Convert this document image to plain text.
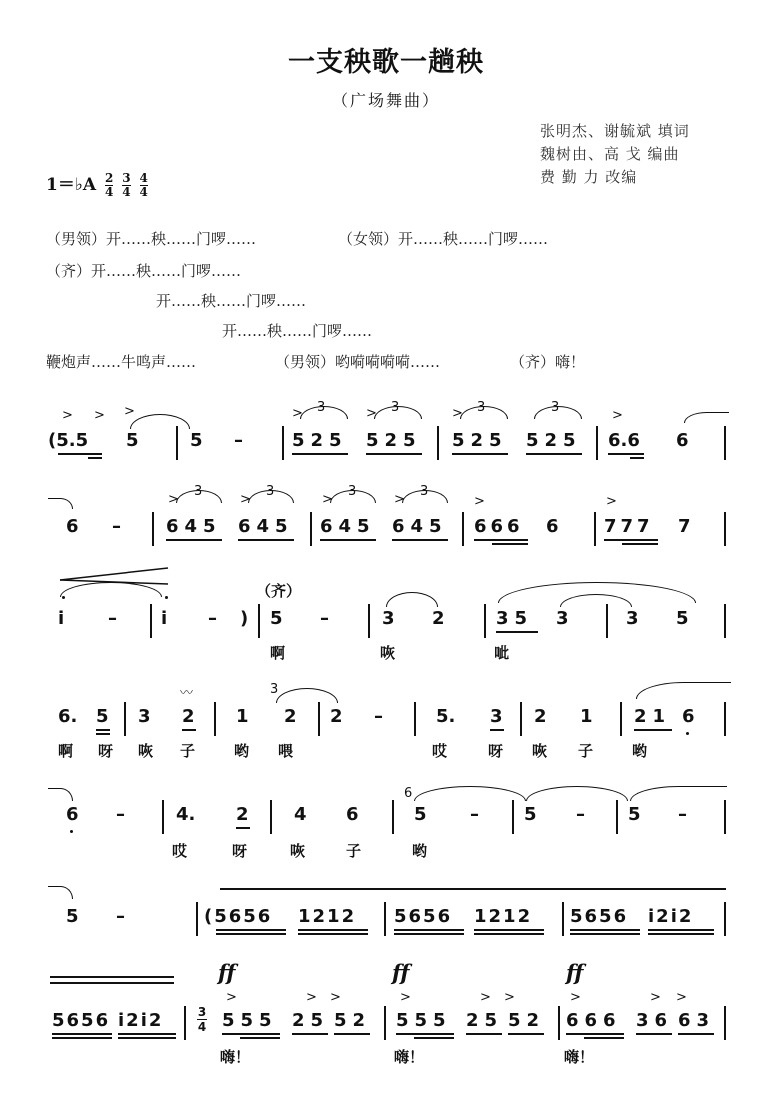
一支秧歌一趟秧
（广场舞曲）
张明杰、谢毓斌 填词
魏树由、高 戈 编曲
费 勤 力 改编
1＝♭A $\frac{2}{4} \frac{3}{4} \frac{4}{4}$
（男领）开……秧……门啰……	（女领）开……秧……门啰……
（齐）开……秧……门啰……
开……秧……门啰……
开……秧……门啰……
鞭炮声……牛鸣声……	（男领）哟嗬嗬嗬嗬……	（齐）嗨！
> > >
(5.5 5	5 –
> 3
525
> 3
525
> 3
525
3
525
>
6.6 6
6 –
>
3
645
>
3
645
>
3
645
>
3
645
>
666 6
>
777 7
i – i – )
（齐）
5 –	3 2	35 3	3 5
啊	咴	呲
6. 5 3
〰
2 1
3
2 2 –	5. 3 2 1 21 6
啊 呀 咴 子	哟 喂	哎	呀 咴 子	哟
6 –	4. 2	4 6
6
5 –	5 – 5 –
哎	呀	咴	子	哟
5 –	(5656 1212 5656 1212 5656 i2i2
ff	ff	ff
>	> >	>	> >	>	> >
5656 i2i2	3
4 555 25 52 555 25 52 666 36 63
嗨！	嗨！	嗨！
